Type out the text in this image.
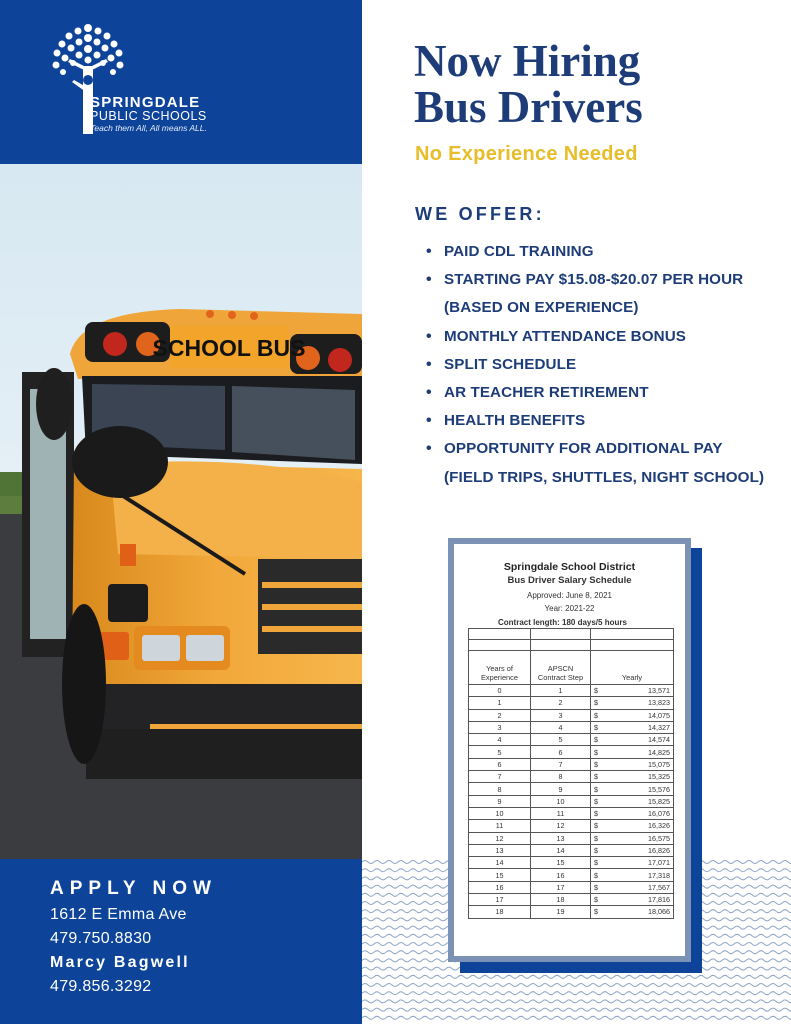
SPRINGDALE
PUBLIC SCHOOLS
Teach them All, All means ALL.
SCHOOL BUS
APPLY NOW
1612 E Emma Ave
479.750.8830
Marcy Bagwell
479.856.3292
Now Hiring
Bus Drivers
No Experience Needed
WE OFFER:
• PAID CDL TRAINING
• STARTING PAY $15.08-$20.07 PER HOUR (BASED ON EXPERIENCE)
• MONTHLY ATTENDANCE BONUS
• SPLIT SCHEDULE
• AR TEACHER RETIREMENT
• HEALTH BENEFITS
• OPPORTUNITY FOR ADDITIONAL PAY (FIELD TRIPS, SHUTTLES, NIGHT SCHOOL)
Springdale School District
Bus Driver Salary Schedule
Approved: June 8, 2021
Year: 2021-22
Contract length: 180 days/5 hours

Years of Experience	APSCN Contract Step	Yearly	
0	1	$	13,571
1	2	$	13,823
2	3	$	14,075
3	4	$	14,327
4	5	$	14,574
5	6	$	14,825
6	7	$	15,075
7	8	$	15,325
8	9	$	15,576
9	10	$	15,825
10	11	$	16,076
11	12	$	16,326
12	13	$	16,575
13	14	$	16,826
14	15	$	17,071
15	16	$	17,318
16	17	$	17,567
17	18	$	17,816
18	19	$	18,066
